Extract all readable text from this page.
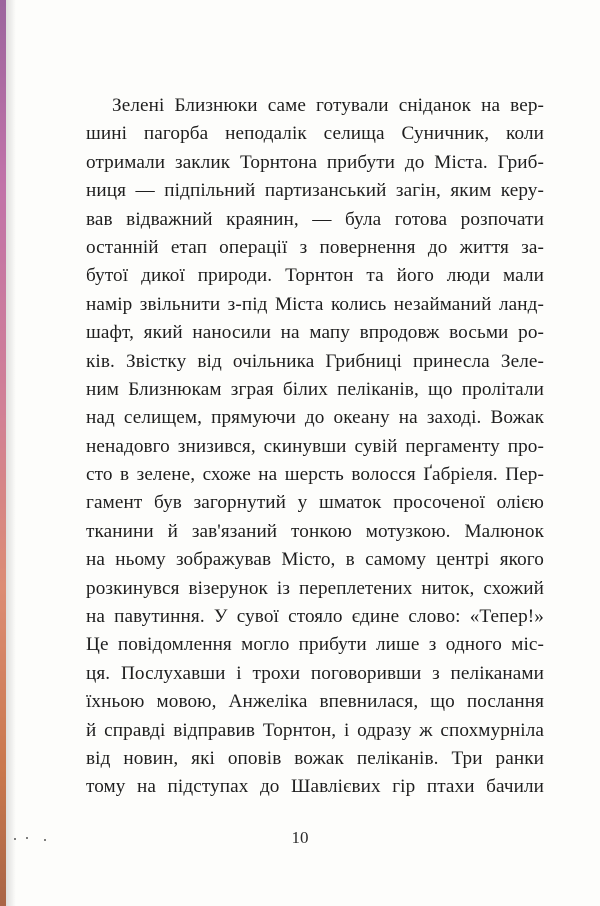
Зелені Близнюки саме готували сніданок на вер-
шині пагорба неподалік селища Суничник, коли
отримали заклик Торнтона прибути до Міста. Гриб-
ниця — підпільний партизанський загін, яким керу-
вав відважний краянин, — була готова розпочати
останній етап операції з повернення до життя за-
бутої дикої природи. Торнтон та його люди мали
намір звільнити з-під Міста колись незайманий ланд-
шафт, який наносили на мапу впродовж восьми ро-
ків. Звістку від очільника Грибниці принесла Зеле-
ним Близнюкам зграя білих пеліканів, що пролітали
над селищем, прямуючи до океану на заході. Вожак
ненадовго знизився, скинувши сувій пергаменту про-
сто в зелене, схоже на шерсть волосся Ґабріеля. Пер-
гамент був загорнутий у шматок просоченої олією
тканини й зав'язаний тонкою мотузкою. Малюнок
на ньому зображував Місто, в самому центрі якого
розкинувся візерунок із переплетених ниток, схожий
на павутиння. У сувої стояло єдине слово: «Тепер!»
Це повідомлення могло прибути лише з одного міс-
ця. Послухавши і трохи поговоривши з пеліканами
їхньою мовою, Анжеліка впевнилася, що послання
й справді відправив Торнтон, і одразу ж спохмурніла
від новин, які оповів вожак пеліканів. Три ранки
тому на підступах до Шавлієвих гір птахи бачили
10
